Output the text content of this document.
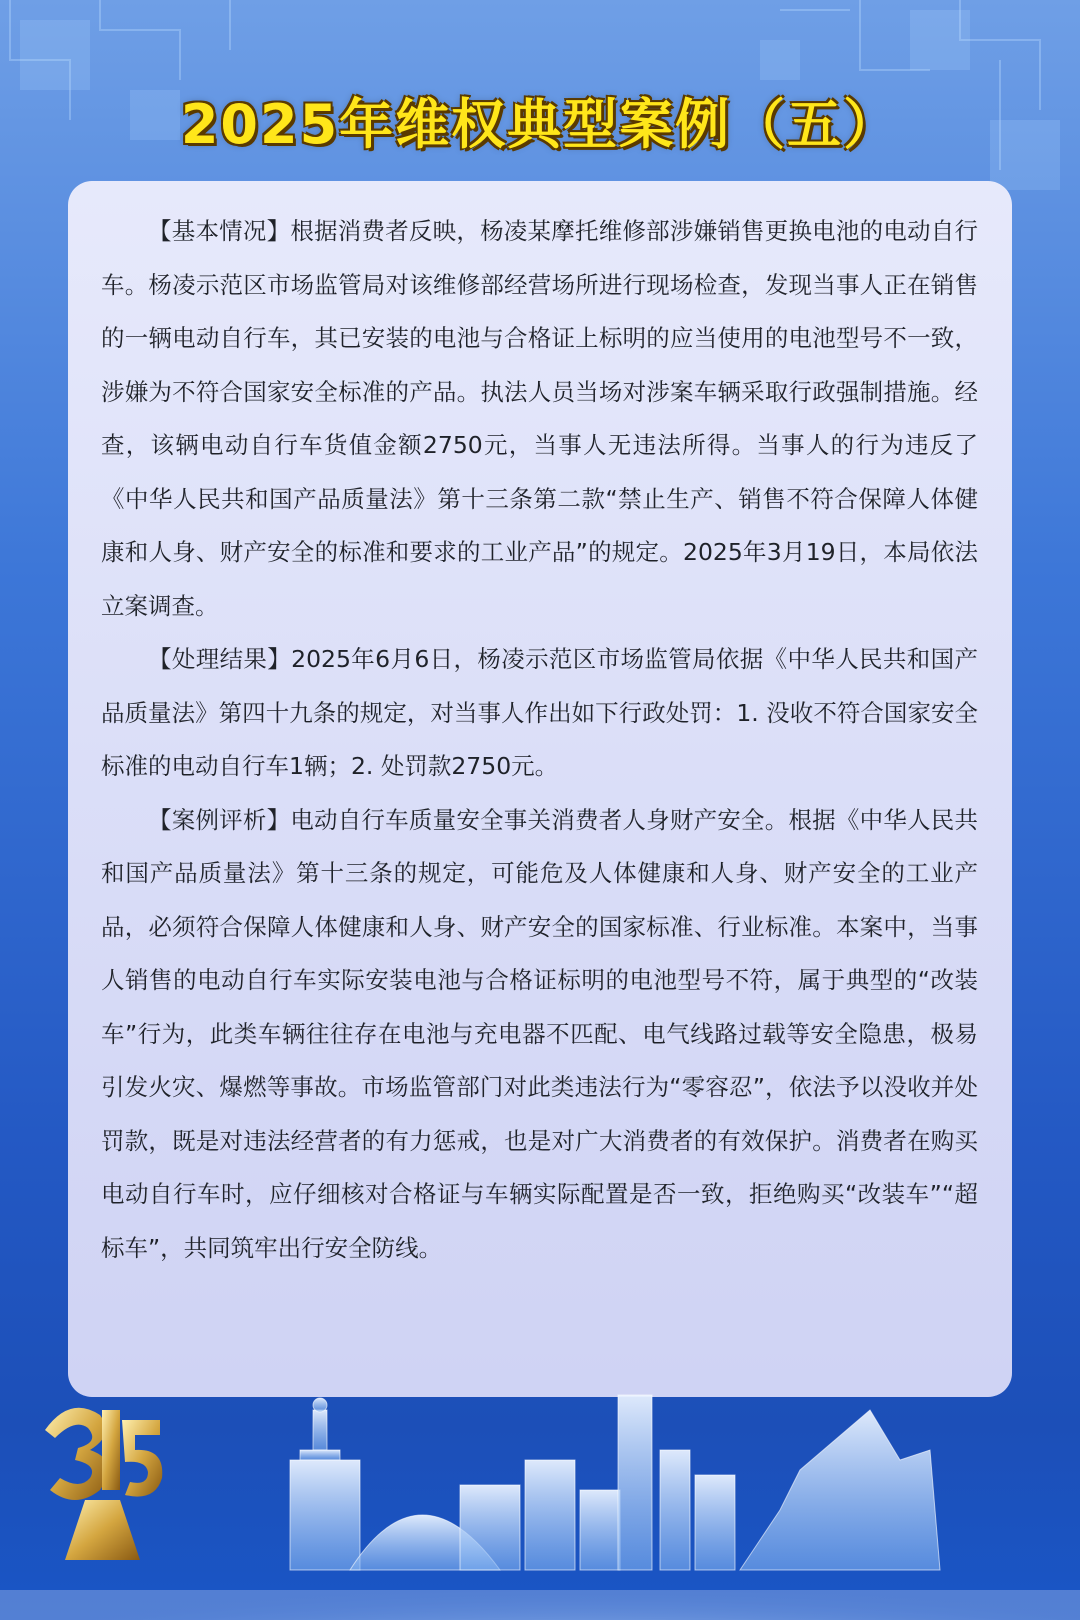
2025年维权典型案例（五）

【基本情况】根据消费者反映，杨凌某摩托维修部涉嫌销售更换电池的电动自行车。杨凌示范区市场监管局对该维修部经营场所进行现场检查，发现当事人正在销售的一辆电动自行车，其已安装的电池与合格证上标明的应当使用的电池型号不一致，涉嫌为不符合国家安全标准的产品。执法人员当场对涉案车辆采取行政强制措施。经查，该辆电动自行车货值金额2750元，当事人无违法所得。当事人的行为违反了《中华人民共和国产品质量法》第十三条第二款“禁止生产、销售不符合保障人体健康和人身、财产安全的标准和要求的工业产品”的规定。2025年3月19日，本局依法立案调查。

【处理结果】2025年6月6日，杨凌示范区市场监管局依据《中华人民共和国产品质量法》第四十九条的规定，对当事人作出如下行政处罚：1. 没收不符合国家安全标准的电动自行车1辆；2. 处罚款2750元。

【案例评析】电动自行车质量安全事关消费者人身财产安全。根据《中华人民共和国产品质量法》第十三条的规定，可能危及人体健康和人身、财产安全的工业产品，必须符合保障人体健康和人身、财产安全的国家标准、行业标准。本案中，当事人销售的电动自行车实际安装电池与合格证标明的电池型号不符，属于典型的“改装车”行为，此类车辆往往存在电池与充电器不匹配、电气线路过载等安全隐患，极易引发火灾、爆燃等事故。市场监管部门对此类违法行为“零容忍”，依法予以没收并处罚款，既是对违法经营者的有力惩戒，也是对广大消费者的有效保护。消费者在购买电动自行车时，应仔细核对合格证与车辆实际配置是否一致，拒绝购买“改装车”“超标车”，共同筑牢出行安全防线。
